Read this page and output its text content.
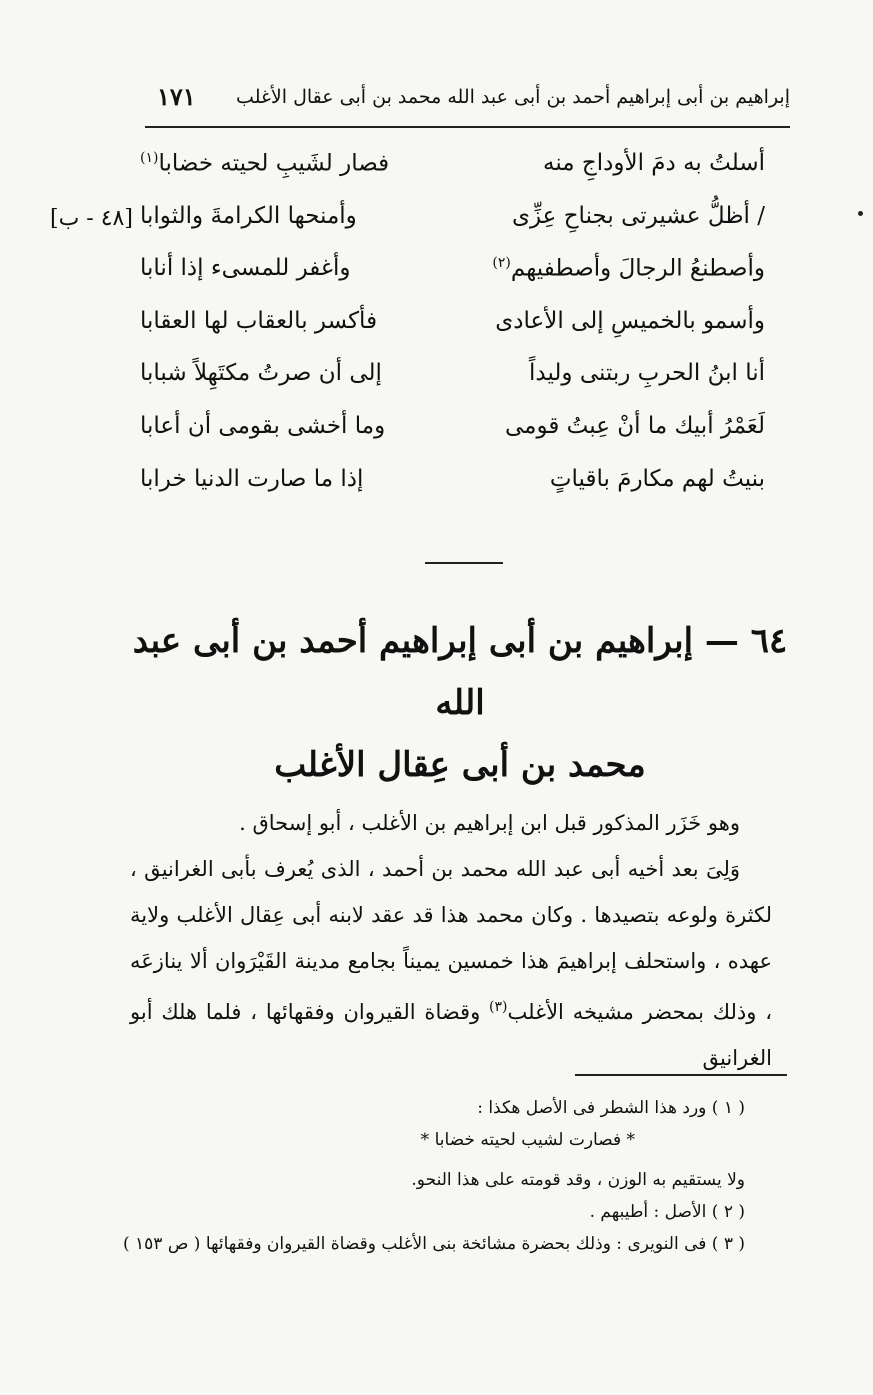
إبراهيم بن أبى إبراهيم أحمد بن أبى عبد الله محمد بن أبى عقال الأغلب
١٧١
أسلتُ به دمَ الأوداجِ منه
فصار لشَيبِ لحيته خضابا$^{(١)}$
/ أظلُّ عشيرتى بجناحِ عِزِّى
وأمنحها الكرامةَ والثوابا
وأصطنعُ الرجالَ وأصطفيهم$^{(٢)}$
وأغفر للمسىء إذا أنابا
وأسمو بالخميسِ إلى الأعادى
فأكسر بالعقاب لها العقابا
أنا ابنُ الحربِ ربتنى وليداً
إلى أن صرتُ مكتَهِلاً شبابا
لَعَمْرُ أبيك ما أنْ عِبتُ قومى
وما أخشى بقومى أن أعابا
بنيتُ لهم مكارمَ باقياتٍ
إذا ما صارت الدنيا خرابا
[٤٨ - ب]
٦٤ — إبراهيم بن أبى إبراهيم أحمد بن أبى عبد الله
محمد بن أبى عِقال الأغلب

وهو خَزَر المذكور قبل ابن إبراهيم بن الأغلب ، أبو إسحاق .

وَلِىَ بعد أخيه أبى عبد الله محمد بن أحمد ، الذى يُعرف بأبى الغرانيق ، لكثرة ولوعه بتصيدها . وكان محمد هذا قد عقد لابنه أبى عِقال الأغلب ولاية عهده ، واستحلف إبراهيمَ هذا خمسين يميناً بجامع مدينة القَيْرَوان ألا ينازعَه ، وذلك بمحضر مشيخه الأغلب$^{(٣)}$ وقضاة القيروان وفقهائها ، فلما هلك أبو الغرانيق

( ١ ) ورد هذا الشطر فى الأصل هكذا :
* فصارت لشيب لحيته خضابا *
ولا يستقيم به الوزن ، وقد قومته على هذا النحو.
( ٢ ) الأصل : أطيبهم .
( ٣ ) فى النويرى : وذلك بحضرة مشائخة بنى الأغلب وقضاة القيروان وفقهائها ( ص ١٥٣ )
